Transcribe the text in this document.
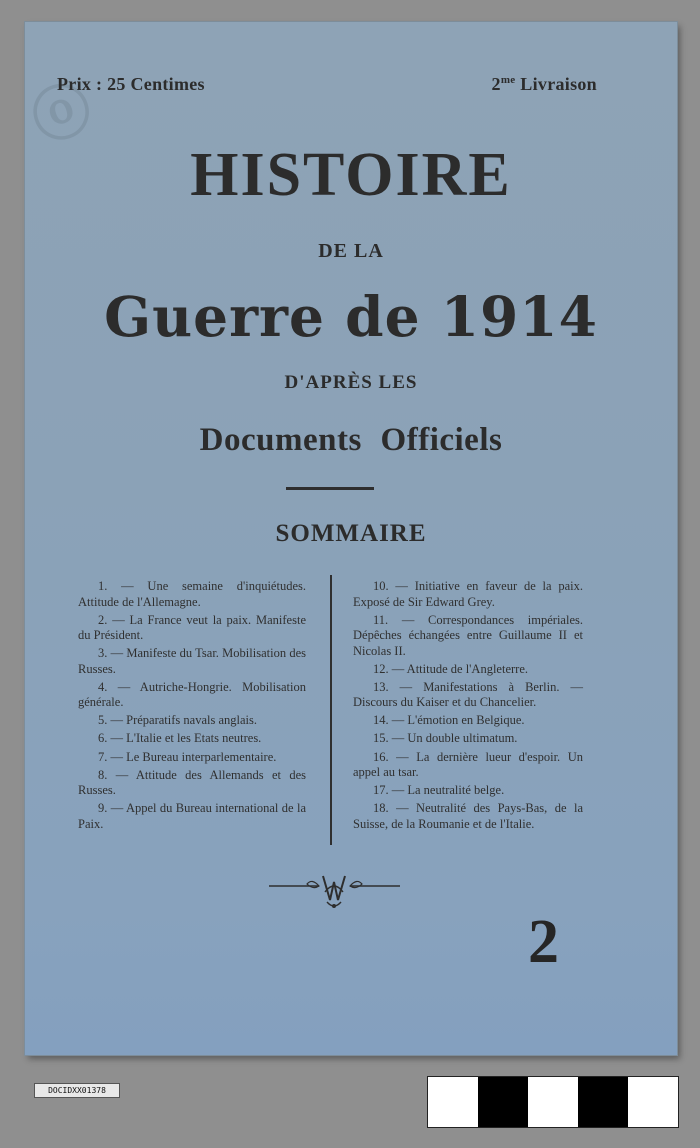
ⓞ
Prix : 25 Centimes	$2^{me}$ Livraison
HISTOIRE
DE LA
Guerre de 1914
D'APRÈS LES
Documents Officiels
SOMMAIRE
1. — Une semaine d'inquiétudes. Attitude de l'Allemagne.
2. — La France veut la paix. Manifeste du Président.
3. — Manifeste du Tsar. Mobilisation des Russes.
4. — Autriche-Hongrie. Mobilisation générale.
5. — Préparatifs navals anglais.
6. — L'Italie et les Etats neutres.
7. — Le Bureau interparlementaire.
8. — Attitude des Allemands et des Russes.
9. — Appel du Bureau international de la Paix.
10. — Initiative en faveur de la paix. Exposé de Sir Edward Grey.
11. — Correspondances impériales. Dépêches échangées entre Guillaume II et Nicolas II.
12. — Attitude de l'Angleterre.
13. — Manifestations à Berlin. — Discours du Kaiser et du Chancelier.
14. — L'émotion en Belgique.
15. — Un double ultimatum.
16. — La dernière lueur d'espoir. Un appel au tsar.
17. — La neutralité belge.
18. — Neutralité des Pays-Bas, de la Suisse, de la Roumanie et de l'Italie.
2
DOCIDXX01378
